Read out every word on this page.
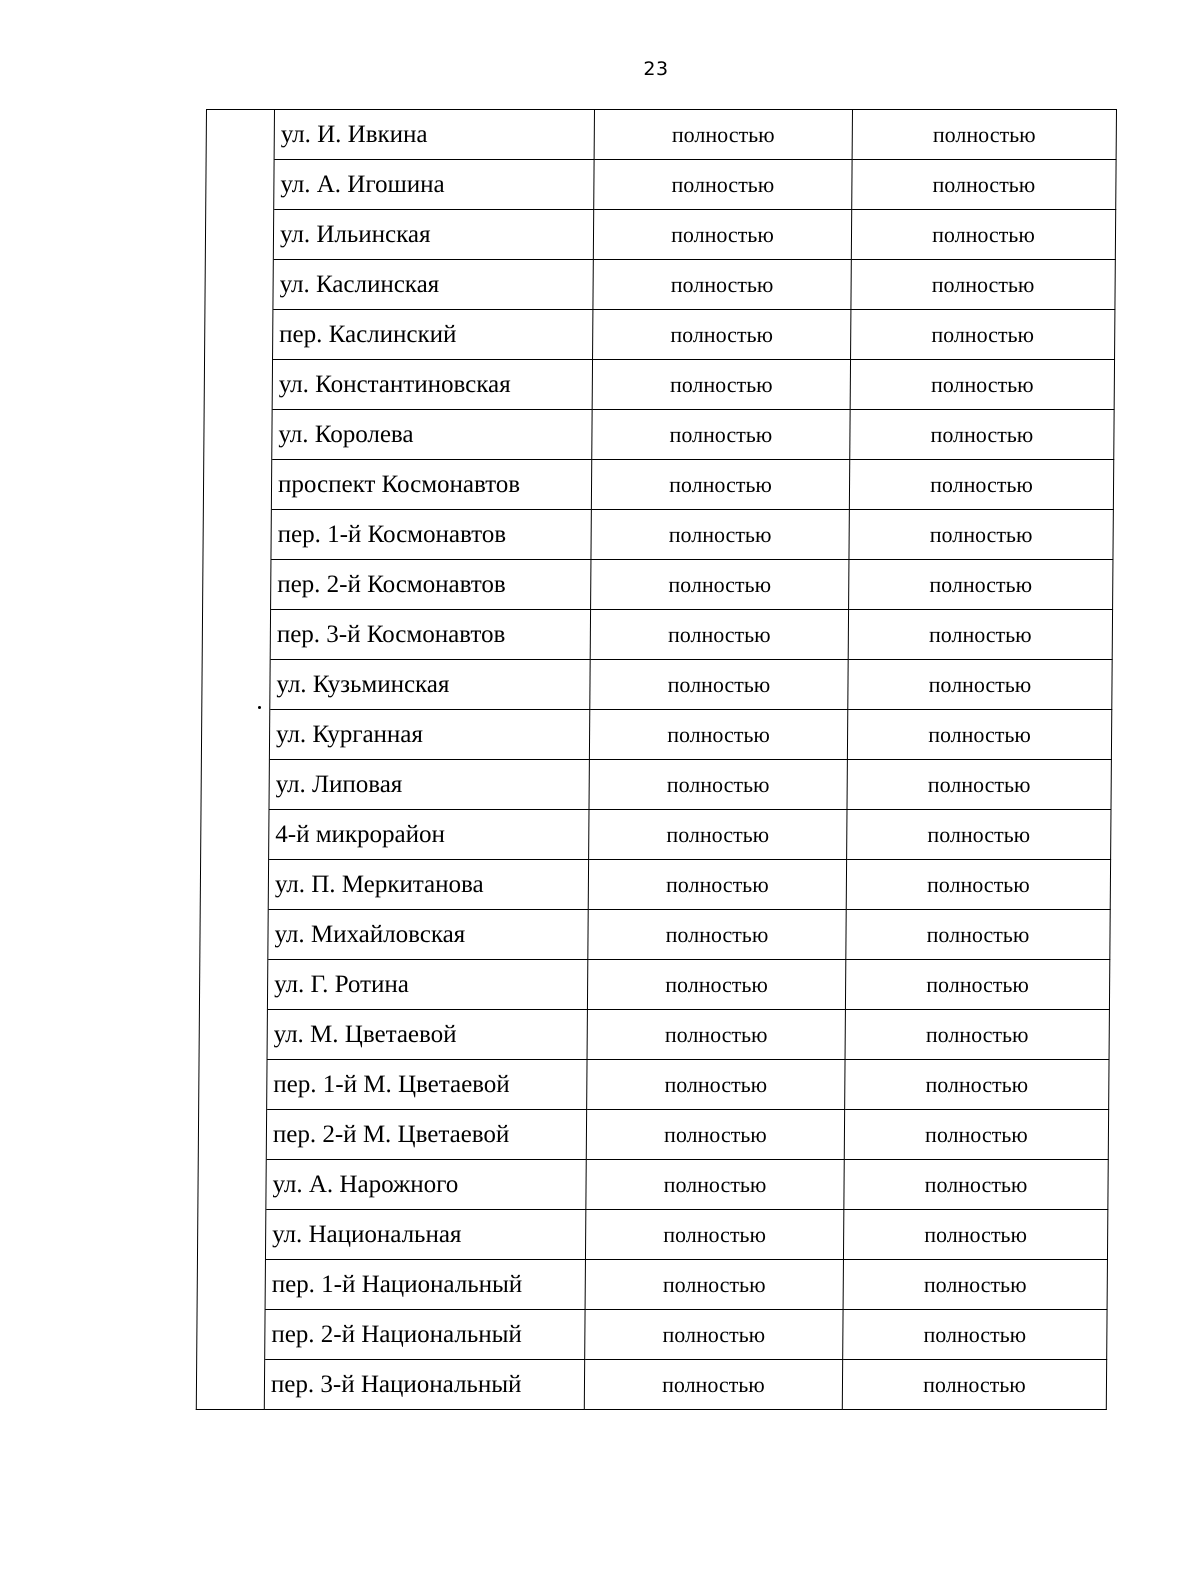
23
	ул. И. Ивкина	полностью	полностью
	ул. А. Игошина	полностью	полностью
	ул. Ильинская	полностью	полностью
	ул. Каслинская	полностью	полностью
	пер. Каслинский	полностью	полностью
	ул. Константиновская	полностью	полностью
	ул. Королева	полностью	полностью
	проспект Космонавтов	полностью	полностью
	пер. 1-й Космонавтов	полностью	полностью
	пер. 2-й Космонавтов	полностью	полностью
	пер. 3-й Космонавтов	полностью	полностью
	ул. Кузьминская	полностью	полностью
	ул. Курганная	полностью	полностью
	ул. Липовая	полностью	полностью
	4-й микрорайон	полностью	полностью
	ул. П. Меркитанова	полностью	полностью
	ул. Михайловская	полностью	полностью
	ул. Г. Ротина	полностью	полностью
	ул. М. Цветаевой	полностью	полностью
	пер. 1-й М. Цветаевой	полностью	полностью
	пер. 2-й М. Цветаевой	полностью	полностью
	ул. А. Нарожного	полностью	полностью
	ул. Национальная	полностью	полностью
	пер. 1-й Национальный	полностью	полностью
	пер. 2-й Национальный	полностью	полностью
	пер. 3-й Национальный	полностью	полностью
